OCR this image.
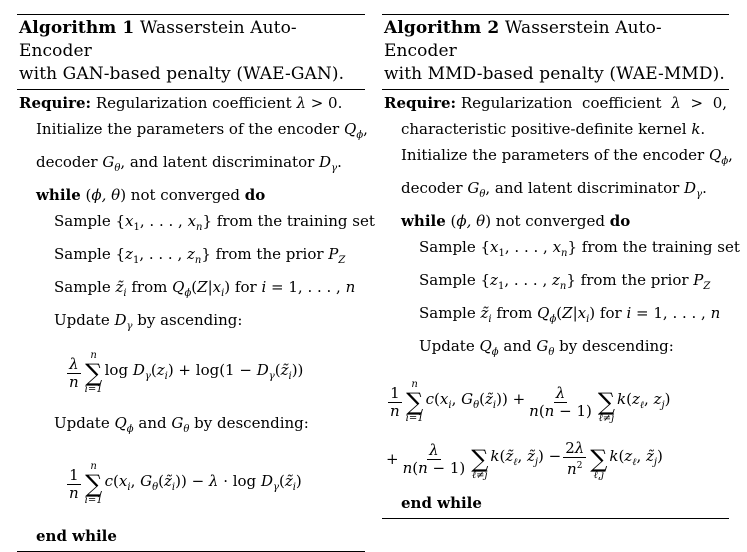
Algorithm 1 Wasserstein Auto-Encoder
with GAN-based penalty (WAE-GAN).
Require: Regularization coefficient λ > 0.
Initialize the parameters of the encoder $Q_\phi$,
decoder $G_\theta$, and latent discriminator $D_\gamma$.
while (ϕ, θ) not converged do
Sample {$x_1$, . . . , $x_n$} from the training set
Sample {$z_1$, . . . , $z_n$} from the prior $P_Z$
Sample $z̃_i$ from $Q_\phi(Z|x_i)$ for i = 1, . . . , n
Update $D_\gamma$ by ascending:
$\frac{\lambda}{n}$ n
∑
i=1
$\log D_\gamma(z_i) + \log(1$ − $D_\gamma(z̃_i)$)
Update $Q_\phi$ and $G_\theta$ by descending:
$\frac{1}{n}$ n
∑
i=1
$c(x_i$, $G_\theta(z̃_i)) - \lambda \cdot \log$ $D_\gamma(z̃_i)$
end while
Algorithm 2 Wasserstein Auto-Encoder
with MMD-based penalty (WAE-MMD).
Require: Regularization coefficient λ > 0,
characteristic positive-definite kernel k.
Initialize the parameters of the encoder $Q_\phi$,
decoder $G_\theta$, and latent discriminator $D_\gamma$.
while (ϕ, θ) not converged do
Sample {$x_1$, . . . , $x_n$} from the training set
Sample {$z_1$, . . . , $z_n$} from the prior $P_Z$
Sample $z̃_i$ from $Q_\phi(Z|x_i)$ for i = 1, . . . , n
Update $Q_\phi$ and $G_\theta$ by descending:
$\frac{1}{n}$ n
∑
i=1
$c(x_i$, $G_\theta(z̃_i)) + \frac{\lambda}{n(n - 1)}$
∑
ℓ≠j
$k(z_\ell$, $z_j$)
+ $\frac{\lambda}{n(n - 1)}$
∑
ℓ≠j
$k(z̃_\ell$, $z̃_j) - \frac{2\lambda}{n^2}$
∑
ℓ,j
$k(z_\ell$, $z̃_j$)
end while
